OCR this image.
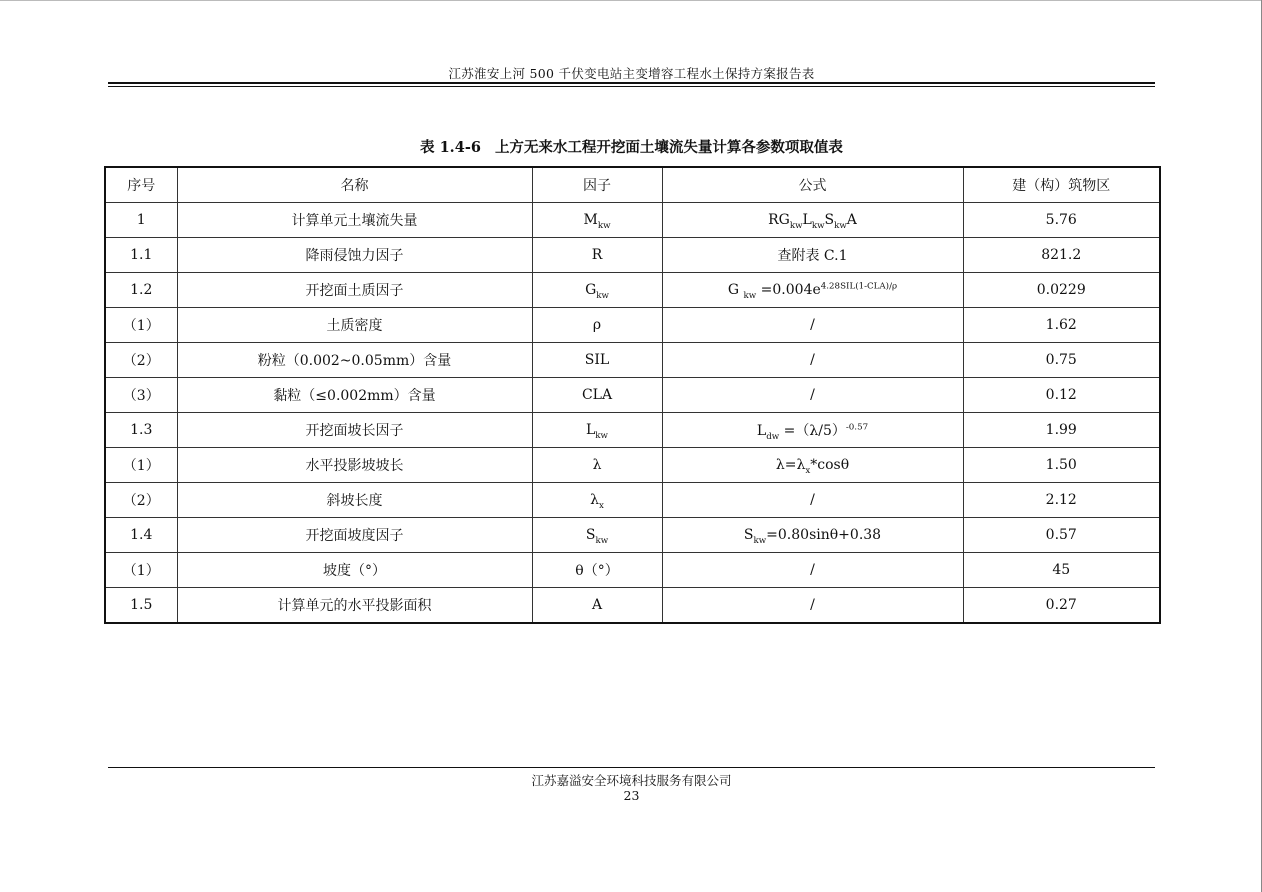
江苏淮安上河 500 千伏变电站主变增容工程水土保持方案报告表
表 1.4-6 上方无来水工程开挖面土壤流失量计算各参数项取值表
序号	名称	因子	公式	建（构）筑物区
1	计算单元土壤流失量	$M_{kw}$	$RG_{kw}L_{kw}S_{kw}A$	5.76
1.1	降雨侵蚀力因子	R	查附表 C.1	821.2
1.2	开挖面土质因子	$G_{kw}$	G $_{kw} =0.004e^{4.28SIL(1-CLA)/\rho}$	0.0229
（1）	土质密度	ρ	/	1.62
（2）	粉粒（0.002~0.05mm）含量	SIL	/	0.75
（3）	黏粒（≤0.002mm）含量	CLA	/	0.12
1.3	开挖面坡长因子	$L_{kw}$	$L_{dw} =(\lambda/5)^{-0.57}$	1.99
（1）	水平投影坡坡长	λ	$\lambda=\lambda_x*\cos\theta$	1.50
（2）	斜坡长度	$\lambda_x$	/	2.12
1.4	开挖面坡度因子	$S_{kw}$	$S_{kw}=0.80\sin\theta+0.38$	0.57
（1）	坡度（°）	θ（°）	/	45
1.5	计算单元的水平投影面积	A	/	0.27
江苏嘉溢安全环境科技服务有限公司
23
